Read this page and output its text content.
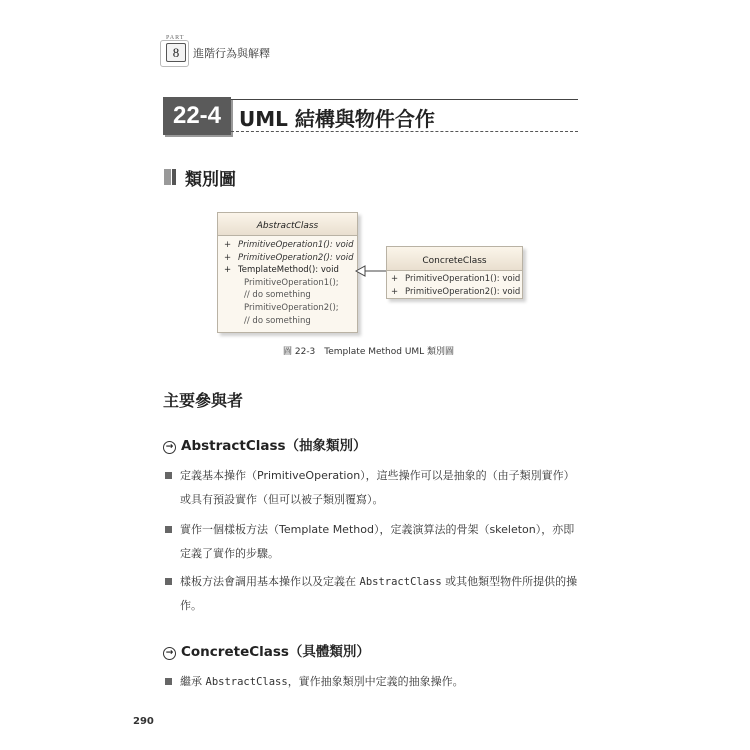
PART
8	進階行為與解釋
22-4 UML 結構與物件合作
類別圖
AbstractClass
+ PrimitiveOperation1(): void
+ PrimitiveOperation2(): void
+ TemplateMethod(): void
PrimitiveOperation1();
// do something
PrimitiveOperation2();
// do something
ConcreteClass
+ PrimitiveOperation1(): void
+ PrimitiveOperation2(): void
圖 22-3　Template Method UML 類別圖
主要參與者
→ AbstractClass（抽象類別）
定義基本操作（PrimitiveOperation），這些操作可以是抽象的（由子類別實作）或具有預設實作（但可以被子類別覆寫）。
實作一個樣板方法（Template Method），定義演算法的骨架（skeleton），亦即定義了實作的步驟。
樣板方法會調用基本操作以及定義在 AbstractClass 或其他類型物件所提供的操作。
→ ConcreteClass（具體類別）
繼承 AbstractClass，實作抽象類別中定義的抽象操作。
290
